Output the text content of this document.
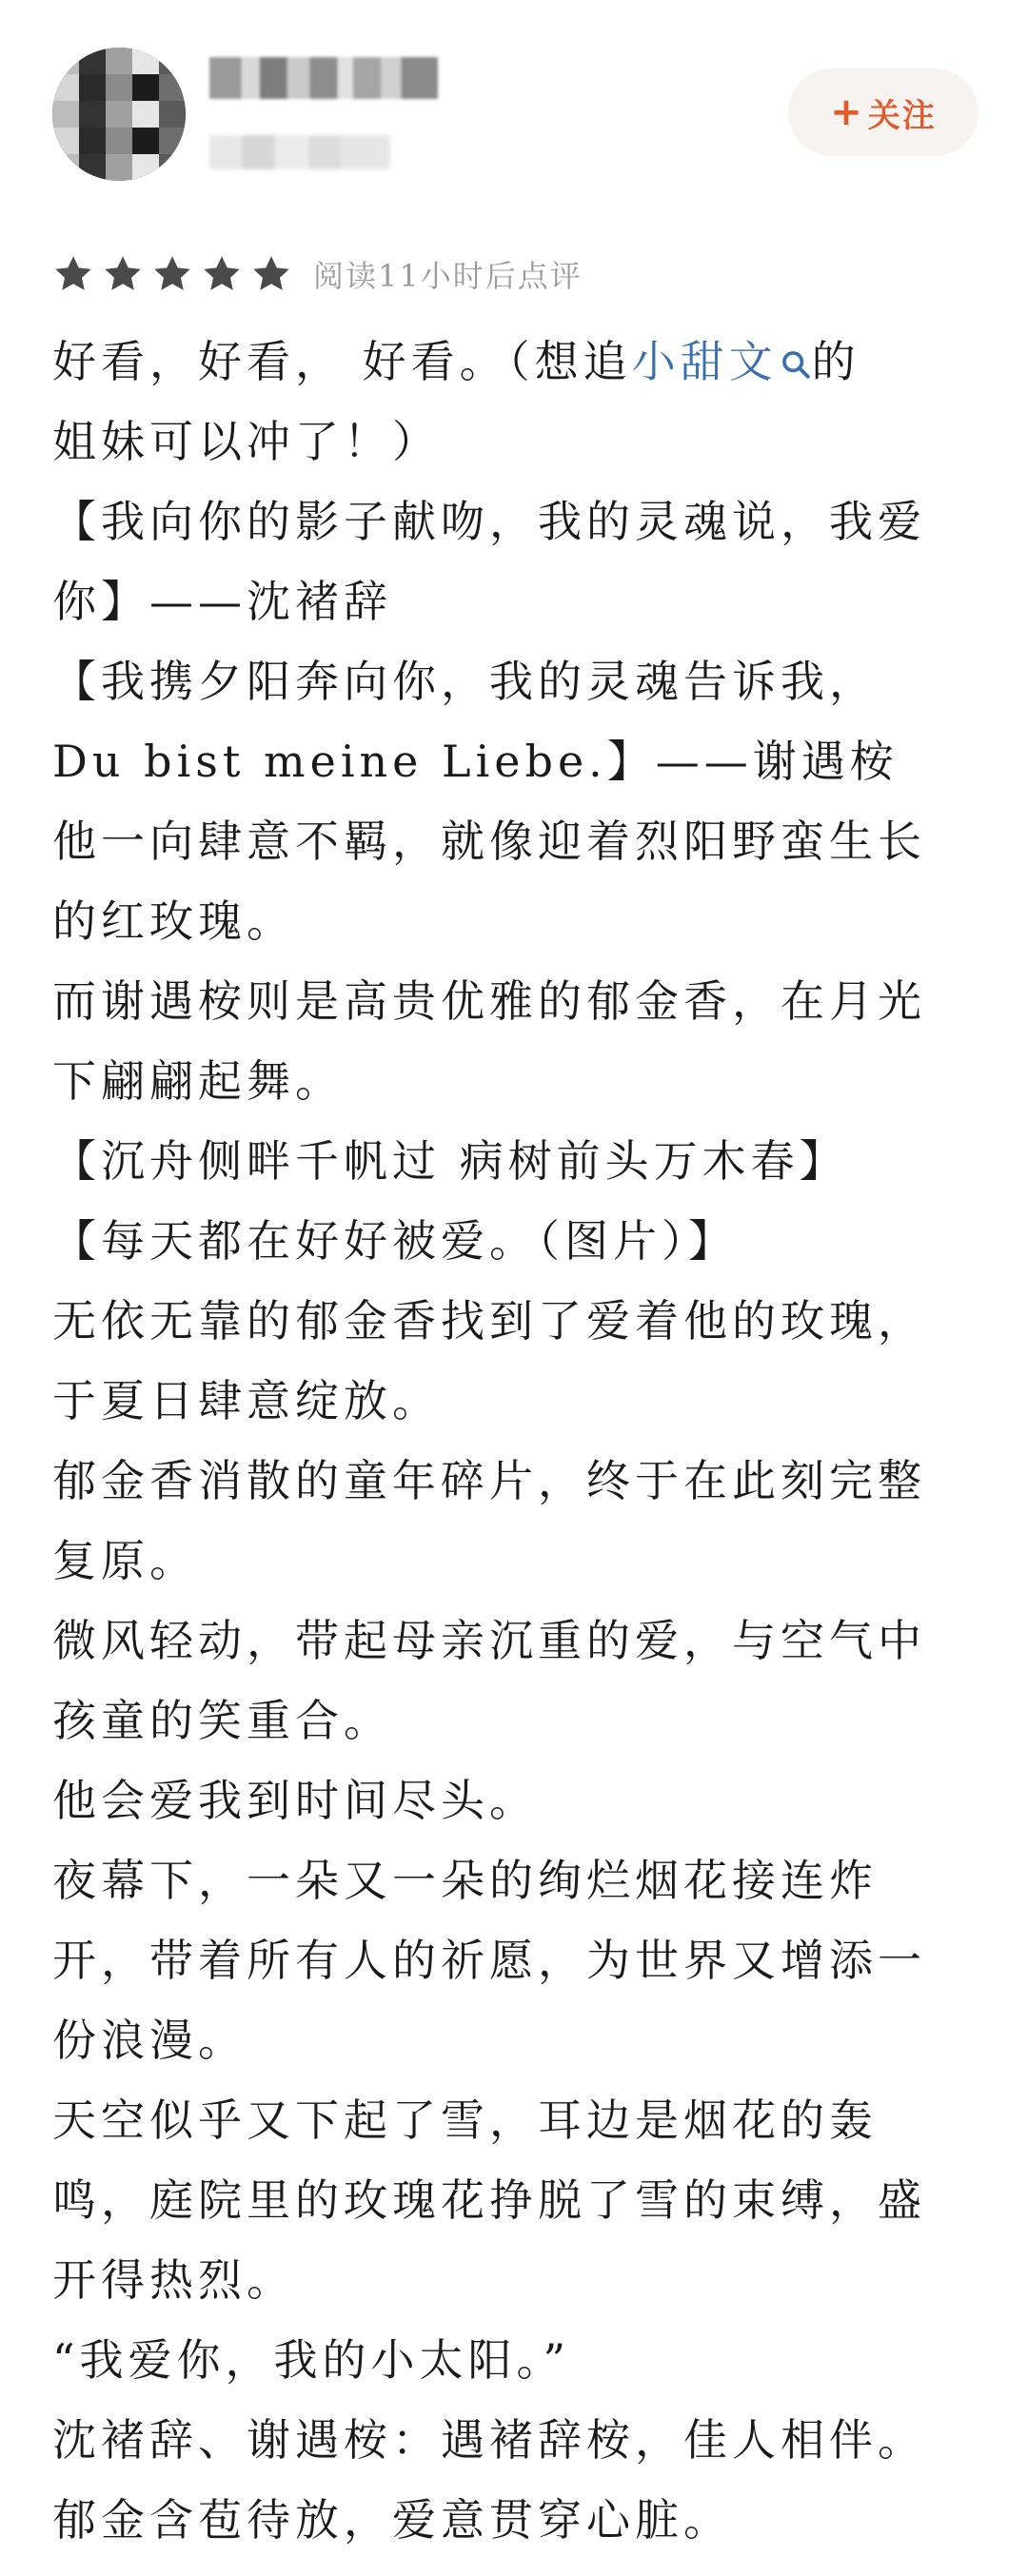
+ 关注
阅读11小时后点评
好看，好看， 好看。（想追小甜文 的
姐妹可以冲了！）
【我向你的影子献吻，我的灵魂说，我爱
你】——沈褚辞
【我携夕阳奔向你，我的灵魂告诉我，
Du bist meine Liebe.】——谢遇桉
他一向肆意不羁，就像迎着烈阳野蛮生长
的红玫瑰。
而谢遇桉则是高贵优雅的郁金香，在月光
下翩翩起舞。
【沉舟侧畔千帆过 病树前头万木春】
【每天都在好好被爱。（图片）】
无依无靠的郁金香找到了爱着他的玫瑰，
于夏日肆意绽放。
郁金香消散的童年碎片，终于在此刻完整
复原。
微风轻动，带起母亲沉重的爱，与空气中
孩童的笑重合。
他会爱我到时间尽头。
夜幕下，一朵又一朵的绚烂烟花接连炸
开，带着所有人的祈愿，为世界又增添一
份浪漫。
天空似乎又下起了雪，耳边是烟花的轰
鸣，庭院里的玫瑰花挣脱了雪的束缚，盛
开得热烈。
“我爱你，我的小太阳。”
沈褚辞、谢遇桉：遇褚辞桉，佳人相伴。
郁金含苞待放，爱意贯穿心脏。
